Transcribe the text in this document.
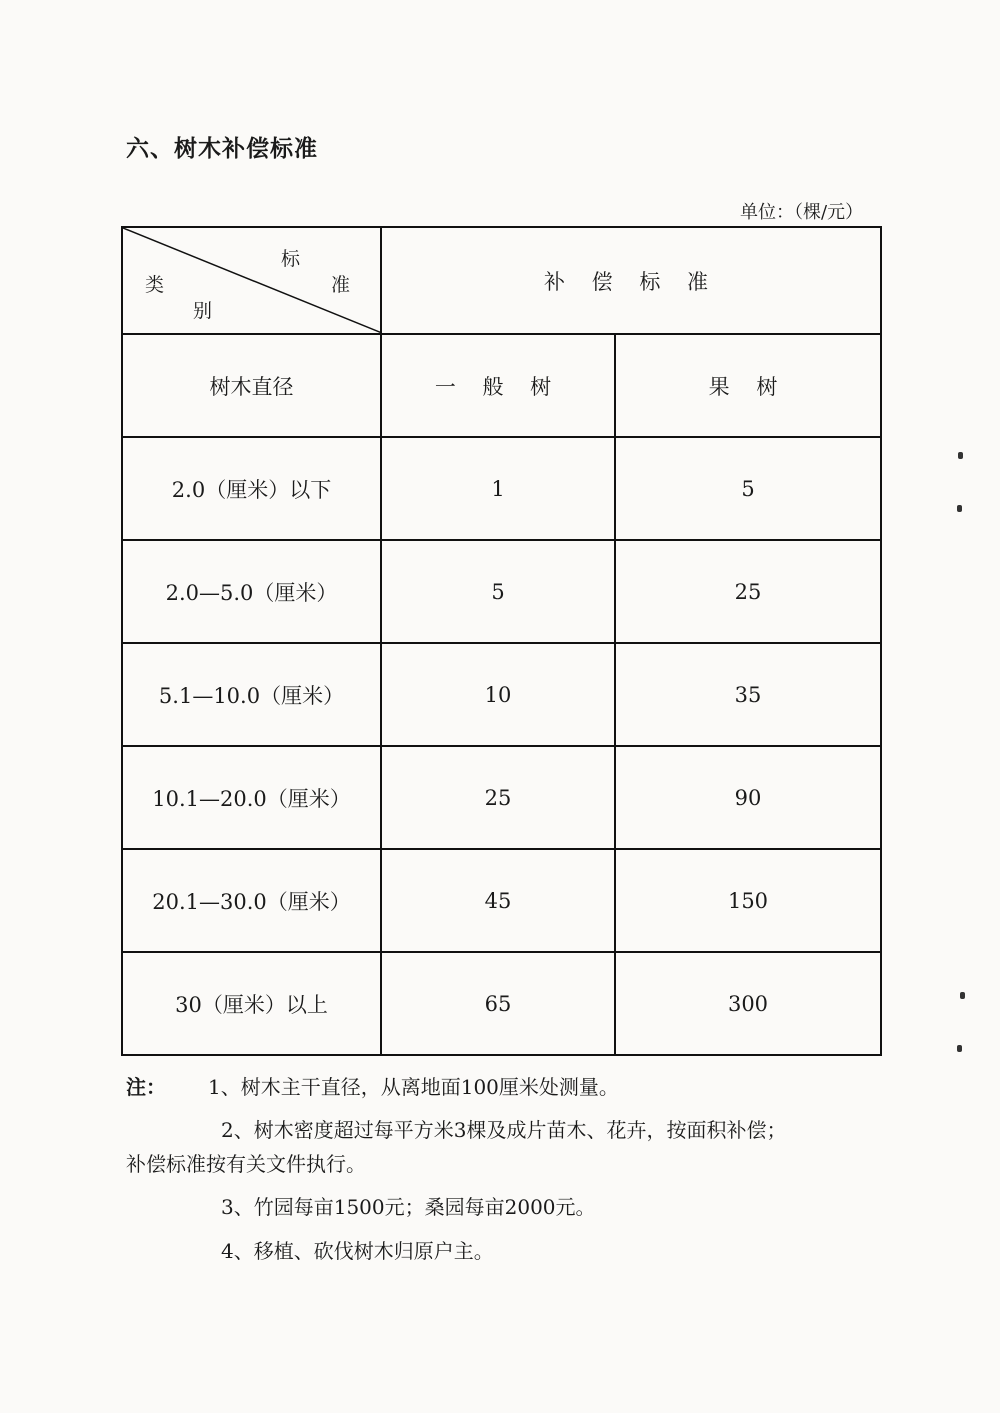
六、树木补偿标准
单位：（棵/元）
标
准
类
别	补 偿 标 准	
树木直径	一 般 树	果 树
2.0（厘米）以下	1	5
2.0—5.0（厘米）	5	25
5.1—10.0（厘米）	10	35
10.1—20.0（厘米）	25	90
20.1—30.0（厘米）	45	150
30（厘米）以上	65	300
注： 1、树木主干直径，从离地面100厘米处测量。
2、树木密度超过每平方米3棵及成片苗木、花卉，按面积补偿；
补偿标准按有关文件执行。
3、竹园每亩1500元；桑园每亩2000元。
4、移植、砍伐树木归原户主。
